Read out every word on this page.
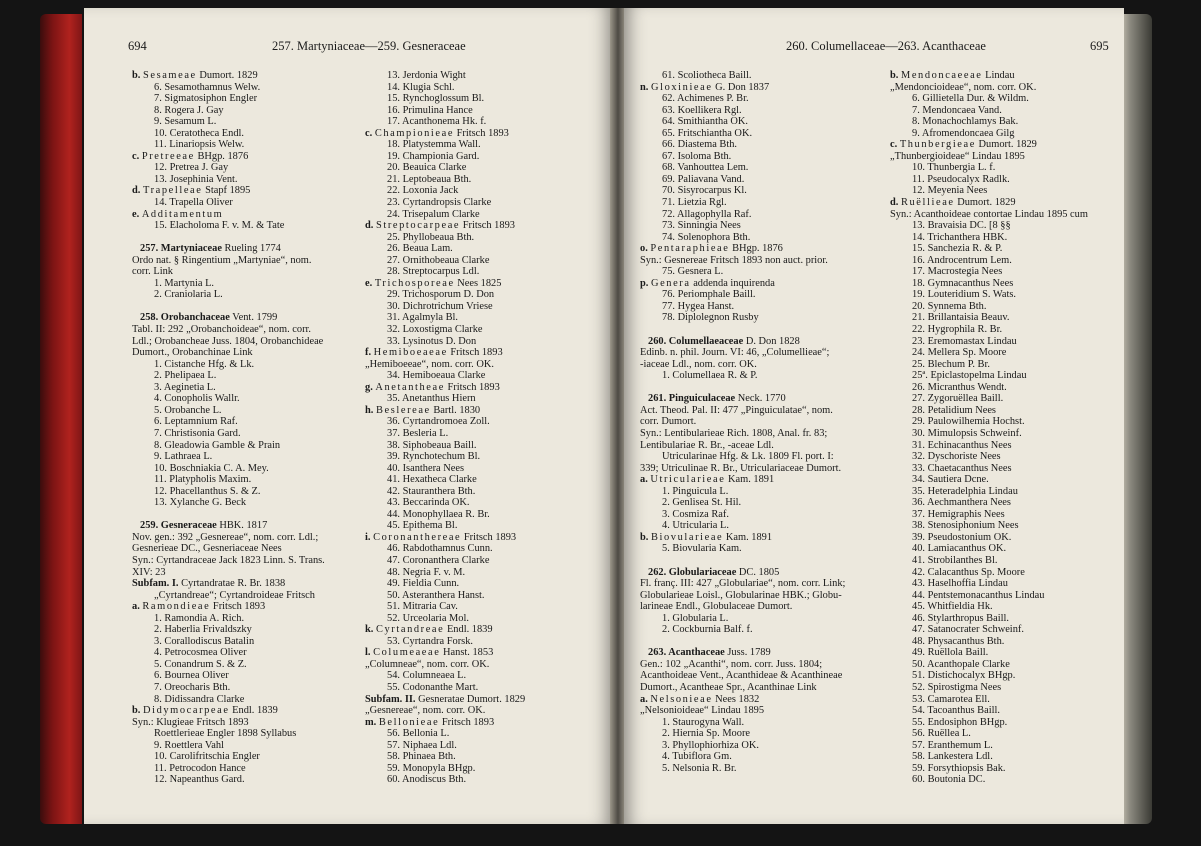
694	257. Martyniaceae—259. Gesneraceae
b. Sesameae Dumort. 1829
6. Sesamothamnus Welw.
7. Sigmatosiphon Engler
8. Rogera J. Gay
9. Sesamum L.
10. Ceratotheca Endl.
11. Linariopsis Welw.
c. Pretreeae BHgp. 1876
12. Pretrea J. Gay
13. Josephinia Vent.
d. Trapelleae Stapf 1895
14. Trapella Oliver
e. Additamentum
15. Elacholoma F. v. M. & Tate
257. Martyniaceae Rueling 1774
Ordo nat. § Ringentium „Martyniae“, nom.
corr. Link
1. Martynia L.
2. Craniolaria L.
258. Orobanchaceae Vent. 1799
Tabl. II: 292 „Orobanchoideae“, nom. corr.
Ldl.; Orobancheae Juss. 1804, Orobanchideae
Dumort., Orobanchinae Link
1. Cistanche Hfg. & Lk.
2. Phelipaea L.
3. Aeginetia L.
4. Conopholis Wallr.
5. Orobanche L.
6. Leptamnium Raf.
7. Christisonia Gard.
8. Gleadowia Gamble & Prain
9. Lathraea L.
10. Boschniakia C. A. Mey.
11. Platypholis Maxim.
12. Phacellanthus S. & Z.
13. Xylanche G. Beck
259. Gesneraceae HBK. 1817
Nov. gen.: 392 „Gesnereae“, nom. corr. Ldl.;
Gesnerieae DC., Gesneriaceae Nees
Syn.: Cyrtandraceae Jack 1823 Linn. S. Trans.
XIV: 23
Subfam. I. Cyrtandratae R. Br. 1838
„Cyrtandreae“; Cyrtandroideae Fritsch
a. Ramondieae Fritsch 1893
1. Ramondia A. Rich.
2. Haberlia Frivaldszky
3. Corallodiscus Batalin
4. Petrocosmea Oliver
5. Conandrum S. & Z.
6. Bournea Oliver
7. Oreocharis Bth.
8. Didissandra Clarke
b. Didymocarpeae Endl. 1839
Syn.: Klugieae Fritsch 1893
Roettlerieae Engler 1898 Syllabus
9. Roettlera Vahl
10. Carolifritschia Engler
11. Petrocodon Hance
12. Napeanthus Gard.
13. Jerdonia Wight
14. Klugia Schl.
15. Rynchoglossum Bl.
16. Primulina Hance
17. Acanthonema Hk. f.
c. Championieae Fritsch 1893
18. Platystemma Wall.
19. Championia Gard.
20. Beauica Clarke
21. Leptobeaua Bth.
22. Loxonia Jack
23. Cyrtandropsis Clarke
24. Trisepalum Clarke
d. Streptocarpeae Fritsch 1893
25. Phyllobeaua Bth.
26. Beaua Lam.
27. Ornithobeaua Clarke
28. Streptocarpus Ldl.
e. Trichosporeae Nees 1825
29. Trichosporum D. Don
30. Dichrotrichum Vriese
31. Agalmyla Bl.
32. Loxostigma Clarke
33. Lysinotus D. Don
f. Hemiboeaeae Fritsch 1893
„Hemiboeeae“, nom. corr. OK.
34. Hemiboeaua Clarke
g. Anetantheae Fritsch 1893
35. Anetanthus Hiern
h. Beslereae Bartl. 1830
36. Cyrtandromoea Zoll.
37. Besleria L.
38. Siphobeaua Baill.
39. Rynchotechum Bl.
40. Isanthera Nees
41. Hexatheca Clarke
42. Stauranthera Bth.
43. Beccarinda OK.
44. Monophyllaea R. Br.
45. Epithema Bl.
i. Coronanthereae Fritsch 1893
46. Rabdothamnus Cunn.
47. Coronanthera Clarke
48. Negria F. v. M.
49. Fieldia Cunn.
50. Asteranthera Hanst.
51. Mitraria Cav.
52. Urceolaria Mol.
k. Cyrtandreae Endl. 1839
53. Cyrtandra Forsk.
l. Columeaeae Hanst. 1853
„Columneae“, nom. corr. OK.
54. Columneaea L.
55. Codonanthe Mart.
Subfam. II. Gesneratae Dumort. 1829
„Gesnereae“, nom. corr. OK.
m. Bellonieae Fritsch 1893
56. Bellonia L.
57. Niphaea Ldl.
58. Phinaea Bth.
59. Monopyla BHgp.
60. Anodiscus Bth.
260. Columellaceae—263. Acanthaceae	695
61. Scoliotheca Baill.
n. Gloxinieae G. Don 1837
62. Achimenes P. Br.
63. Koellikera Rgl.
64. Smithiantha OK.
65. Fritschiantha OK.
66. Diastema Bth.
67. Isoloma Bth.
68. Vanhouttea Lem.
69. Paliavana Vand.
70. Sisyrocarpus Kl.
71. Lietzia Rgl.
72. Allagophylla Raf.
73. Sinningia Nees
74. Solenophora Bth.
o. Pentaraphieae BHgp. 1876
Syn.: Gesnereae Fritsch 1893 non auct. prior.
75. Gesnera L.
p. Genera addenda inquirenda
76. Periomphale Baill.
77. Hygea Hanst.
78. Diplolegnon Rusby
260. Columellaeaceae D. Don 1828
Edinb. n. phil. Journ. VI: 46, „Columellieae“;
-iaceae Ldl., nom. corr. OK.
1. Columellaea R. & P.
261. Pinguiculaceae Neck. 1770
Act. Theod. Pal. II: 477 „Pinguiculatae“, nom.
corr. Dumort.
Syn.: Lentibularieae Rich. 1808, Anal. fr. 83;
Lentibulariae R. Br., -aceae Ldl.
Utricularinae Hfg. & Lk. 1809 Fl. port. I:
339; Utriculinae R. Br., Utriculariaceae Dumort.
a. Utricularieae Kam. 1891
1. Pinguicula L.
2. Genlisea St. Hil.
3. Cosmiza Raf.
4. Utricularia L.
b. Biovularieae Kam. 1891
5. Biovularia Kam.
262. Globulariaceae DC. 1805
Fl. franç. III: 427 „Globulariae“, nom. corr. Link;
Globularieae Loisl., Globularinae HBK.; Globu-
larineae Endl., Globulaceae Dumort.
1. Globularia L.
2. Cockburnia Balf. f.
263. Acanthaceae Juss. 1789
Gen.: 102 „Acanthi“, nom. corr. Juss. 1804;
Acanthoideae Vent., Acanthideae & Acanthineae
Dumort., Acantheae Spr., Acanthinae Link
a. Nelsonieae Nees 1832
„Nelsonioideae“ Lindau 1895
1. Staurogyna Wall.
2. Hiernia Sp. Moore
3. Phyllophiorhiza OK.
4. Tubiflora Gm.
5. Nelsonia R. Br.
b. Mendoncaeeae Lindau
„Mendoncioideae“, nom. corr. OK.
6. Gillietella Dur. & Wildm.
7. Mendoncaea Vand.
8. Monachochlamys Bak.
9. Afromendoncaea Gilg
c. Thunbergieae Dumort. 1829
„Thunbergioideae“ Lindau 1895
10. Thunbergia L. f.
11. Pseudocalyx Radlk.
12. Meyenia Nees
d. Ruëllieae Dumort. 1829
Syn.: Acanthoideae contortae Lindau 1895 cum
13. Bravaisia DC. [8 §§
14. Trichanthera HBK.
15. Sanchezia R. & P.
16. Androcentrum Lem.
17. Macrostegia Nees
18. Gymnacanthus Nees
19. Louteridium S. Wats.
20. Synnema Bth.
21. Brillantaisia Beauv.
22. Hygrophila R. Br.
23. Eremomastax Lindau
24. Mellera Sp. Moore
25. Blechum P. Br.
25ª. Epiclastopelma Lindau
26. Micranthus Wendt.
27. Zygoruëllea Baill.
28. Petalidium Nees
29. Paulowilhemia Hochst.
30. Mimulopsis Schweinf.
31. Echinacanthus Nees
32. Dyschoriste Nees
33. Chaetacanthus Nees
34. Sautiera Dcne.
35. Heteradelphia Lindau
36. Aechmanthera Nees
37. Hemigraphis Nees
38. Stenosiphonium Nees
39. Pseudostonium OK.
40. Lamiacanthus OK.
41. Strobilanthes Bl.
42. Calacanthus Sp. Moore
43. Haselhoffia Lindau
44. Pentstemonacanthus Lindau
45. Whitfieldia Hk.
46. Stylarthropus Baill.
47. Satanocrater Schweinf.
48. Physacanthus Bth.
49. Ruëllola Baill.
50. Acanthopale Clarke
51. Distichocalyx BHgp.
52. Spirostigma Nees
53. Camarotea Ell.
54. Tacoanthus Baill.
55. Endosiphon BHgp.
56. Ruëllea L.
57. Eranthemum L.
58. Lankestera Ldl.
59. Forsythiopsis Bak.
60. Boutonia DC.
